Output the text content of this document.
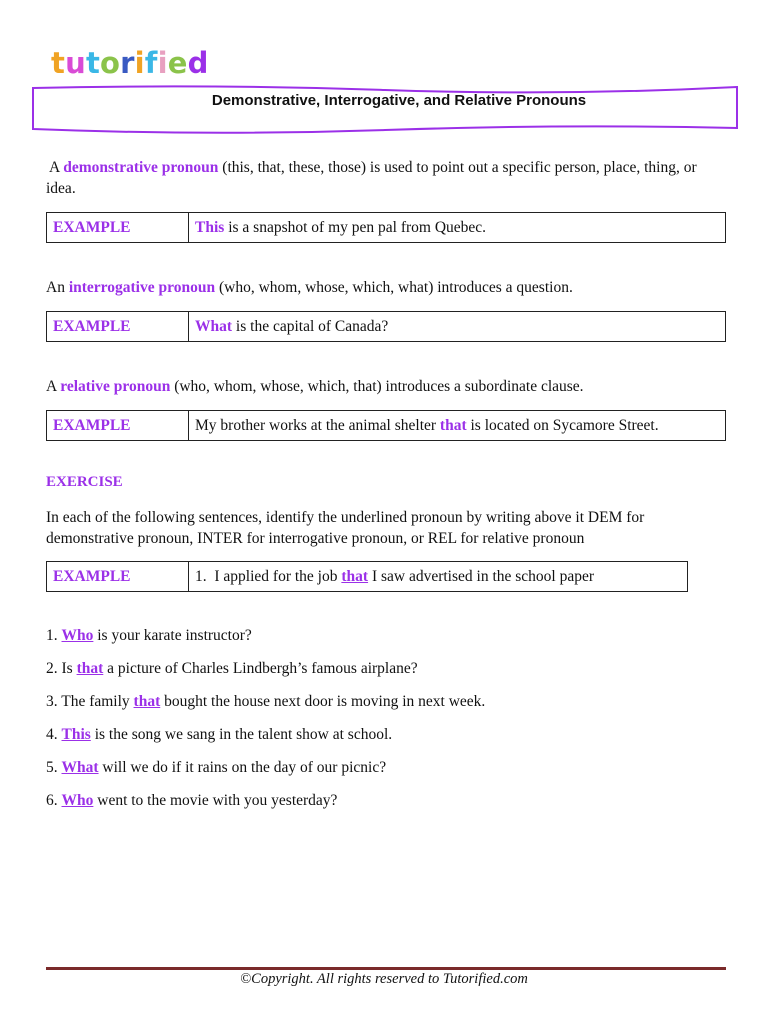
tutorified
Demonstrative, Interrogative, and Relative Pronouns
A demonstrative pronoun (this, that, these, those) is used to point out a specific person, place, thing, or idea.
EXAMPLE	This is a snapshot of my pen pal from Quebec.
An interrogative pronoun (who, whom, whose, which, what) introduces a question.
EXAMPLE	What is the capital of Canada?
A relative pronoun (who, whom, whose, which, that) introduces a subordinate clause.
EXAMPLE	My brother works at the animal shelter that is located on Sycamore Street.
EXERCISE
In each of the following sentences, identify the underlined pronoun by writing above it DEM for demonstrative pronoun, INTER for interrogative pronoun, or REL for relative pronoun
EXAMPLE	1.  I applied for the job that I saw advertised in the school paper
1. Who is your karate instructor?
2. Is that a picture of Charles Lindbergh’s famous airplane?
3. The family that bought the house next door is moving in next week.
4. This is the song we sang in the talent show at school.
5. What will we do if it rains on the day of our picnic?
6. Who went to the movie with you yesterday?
©Copyright. All rights reserved to Tutorified.com
